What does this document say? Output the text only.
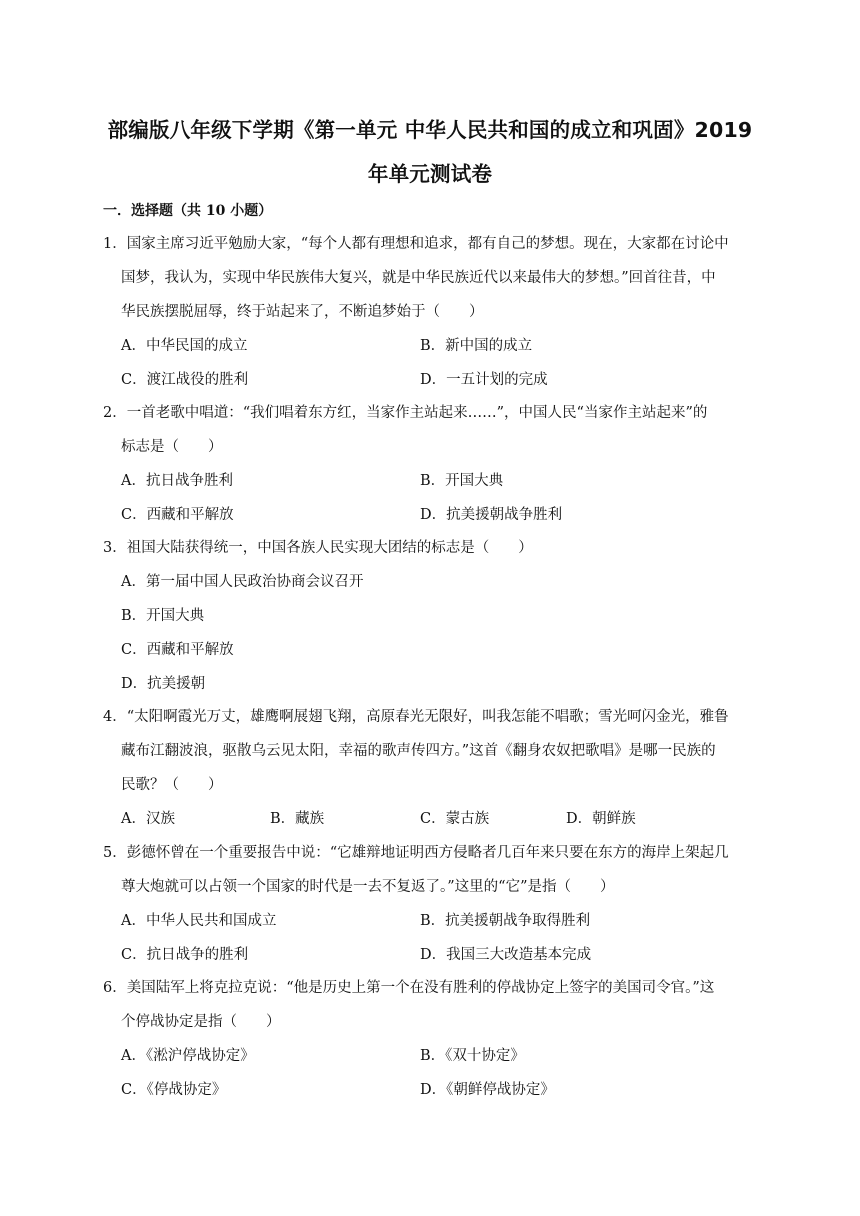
部编版八年级下学期《第一单元 中华人民共和国的成立和巩固》2019
年单元测试卷
一．选择题（共 10 小题）
1．国家主席习近平勉励大家，“每个人都有理想和追求，都有自己的梦想。现在，大家都在讨论中
国梦，我认为，实现中华民族伟大复兴，就是中华民族近代以来最伟大的梦想。”回首往昔，中
华民族摆脱屈辱，终于站起来了，不断追梦始于（　　）
A．中华民国的成立	B．新中国的成立
C．渡江战役的胜利	D．一五计划的完成
2．一首老歌中唱道：“我们唱着东方红，当家作主站起来……”，中国人民“当家作主站起来”的
标志是（　　）
A．抗日战争胜利	B．开国大典
C．西藏和平解放	D．抗美援朝战争胜利
3．祖国大陆获得统一，中国各族人民实现大团结的标志是（　　）
A．第一届中国人民政治协商会议召开
B．开国大典
C．西藏和平解放
D．抗美援朝
4．“太阳啊霞光万丈，雄鹰啊展翅飞翔，高原春光无限好，叫我怎能不唱歌；雪光呵闪金光，雅鲁
藏布江翻波浪，驱散乌云见太阳，幸福的歌声传四方。”这首《翻身农奴把歌唱》是哪一民族的
民歌？（　　）
A．汉族	B．藏族	C．蒙古族	D．朝鲜族
5．彭德怀曾在一个重要报告中说：“它雄辩地证明西方侵略者几百年来只要在东方的海岸上架起几
尊大炮就可以占领一个国家的时代是一去不复返了。”这里的“它”是指（　　）
A．中华人民共和国成立	B．抗美援朝战争取得胜利
C．抗日战争的胜利	D．我国三大改造基本完成
6．美国陆军上将克拉克说：“他是历史上第一个在没有胜利的停战协定上签字的美国司令官。”这
个停战协定是指（　　）
A．《淞沪停战协定》	B．《双十协定》
C．《停战协定》	D．《朝鲜停战协定》
